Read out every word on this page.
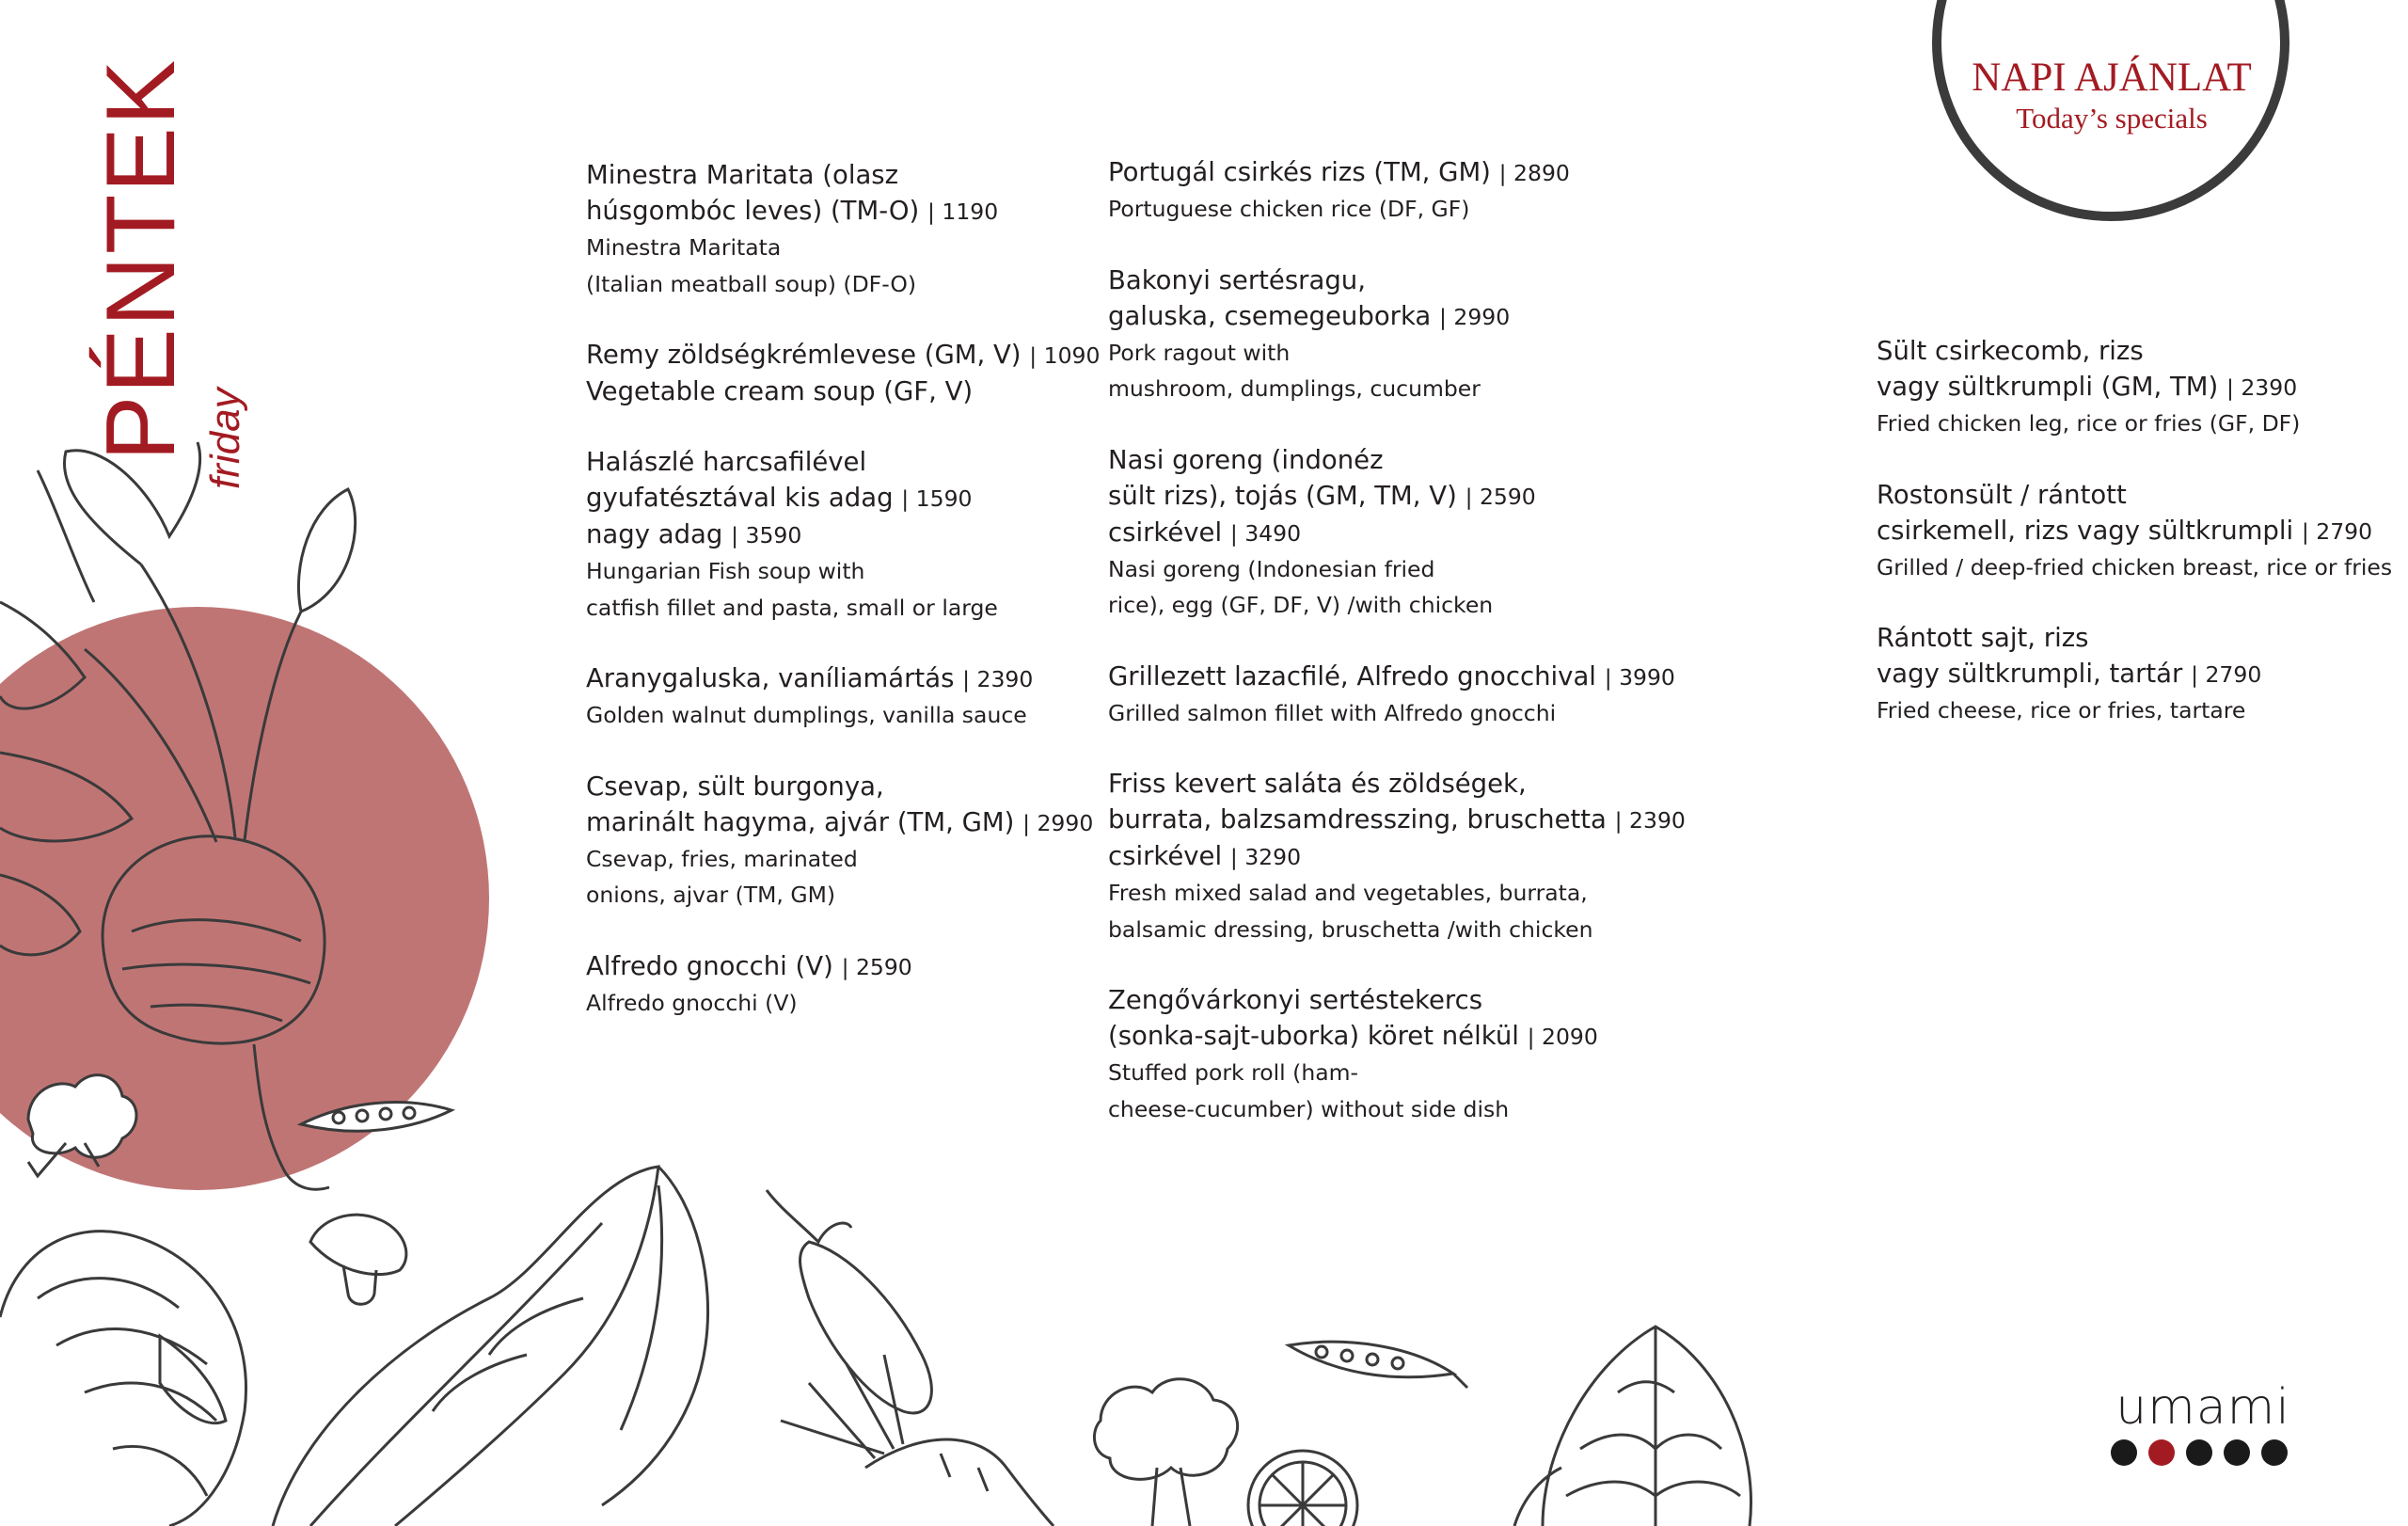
PÉNTEK friday
NAPI AJÁNLAT
Today’s specials
Minestra Maritata (olasz
húsgombóc leves) (TM-O) | 1190
Minestra Maritata
(Italian meatball soup) (DF-O)
Remy zöldségkrémlevese (GM, V) | 1090
Vegetable cream soup (GF, V)
Halászlé harcsafilével
gyufatésztával kis adag | 1590
nagy adag | 3590
Hungarian Fish soup with
catfish fillet and pasta, small or large
Aranygaluska, vaníliamártás | 2390
Golden walnut dumplings, vanilla sauce
Csevap, sült burgonya,
marinált hagyma, ajvár (TM, GM) | 2990
Csevap, fries, marinated
onions, ajvar (TM, GM)
Alfredo gnocchi (V) | 2590
Alfredo gnocchi (V)
Portugál csirkés rizs (TM, GM) | 2890
Portuguese chicken rice (DF, GF)
Bakonyi sertésragu,
galuska, csemegeuborka | 2990
Pork ragout with
mushroom, dumplings, cucumber
Nasi goreng (indonéz
sült rizs), tojás (GM, TM, V) | 2590
csirkével | 3490
Nasi goreng (Indonesian fried
rice), egg (GF, DF, V) /with chicken
Grillezett lazacfilé, Alfredo gnocchival | 3990
Grilled salmon fillet with Alfredo gnocchi
Friss kevert saláta és zöldségek,
burrata, balzsamdresszing, bruschetta | 2390
csirkével | 3290
Fresh mixed salad and vegetables, burrata,
balsamic dressing, bruschetta /with chicken
Zengővárkonyi sertéstekercs
(sonka-sajt-uborka) köret nélkül | 2090
Stuffed pork roll (ham-
cheese-cucumber) without side dish
Sült csirkecomb, rizs
vagy sültkrumpli (GM, TM) | 2390
Fried chicken leg, rice or fries (GF, DF)
Rostonsült / rántott
csirkemell, rizs vagy sültkrumpli | 2790
Grilled / deep-fried chicken breast, rice or fries
Rántott sajt, rizs
vagy sültkrumpli, tartár | 2790
Fried cheese, rice or fries, tartare
umami
